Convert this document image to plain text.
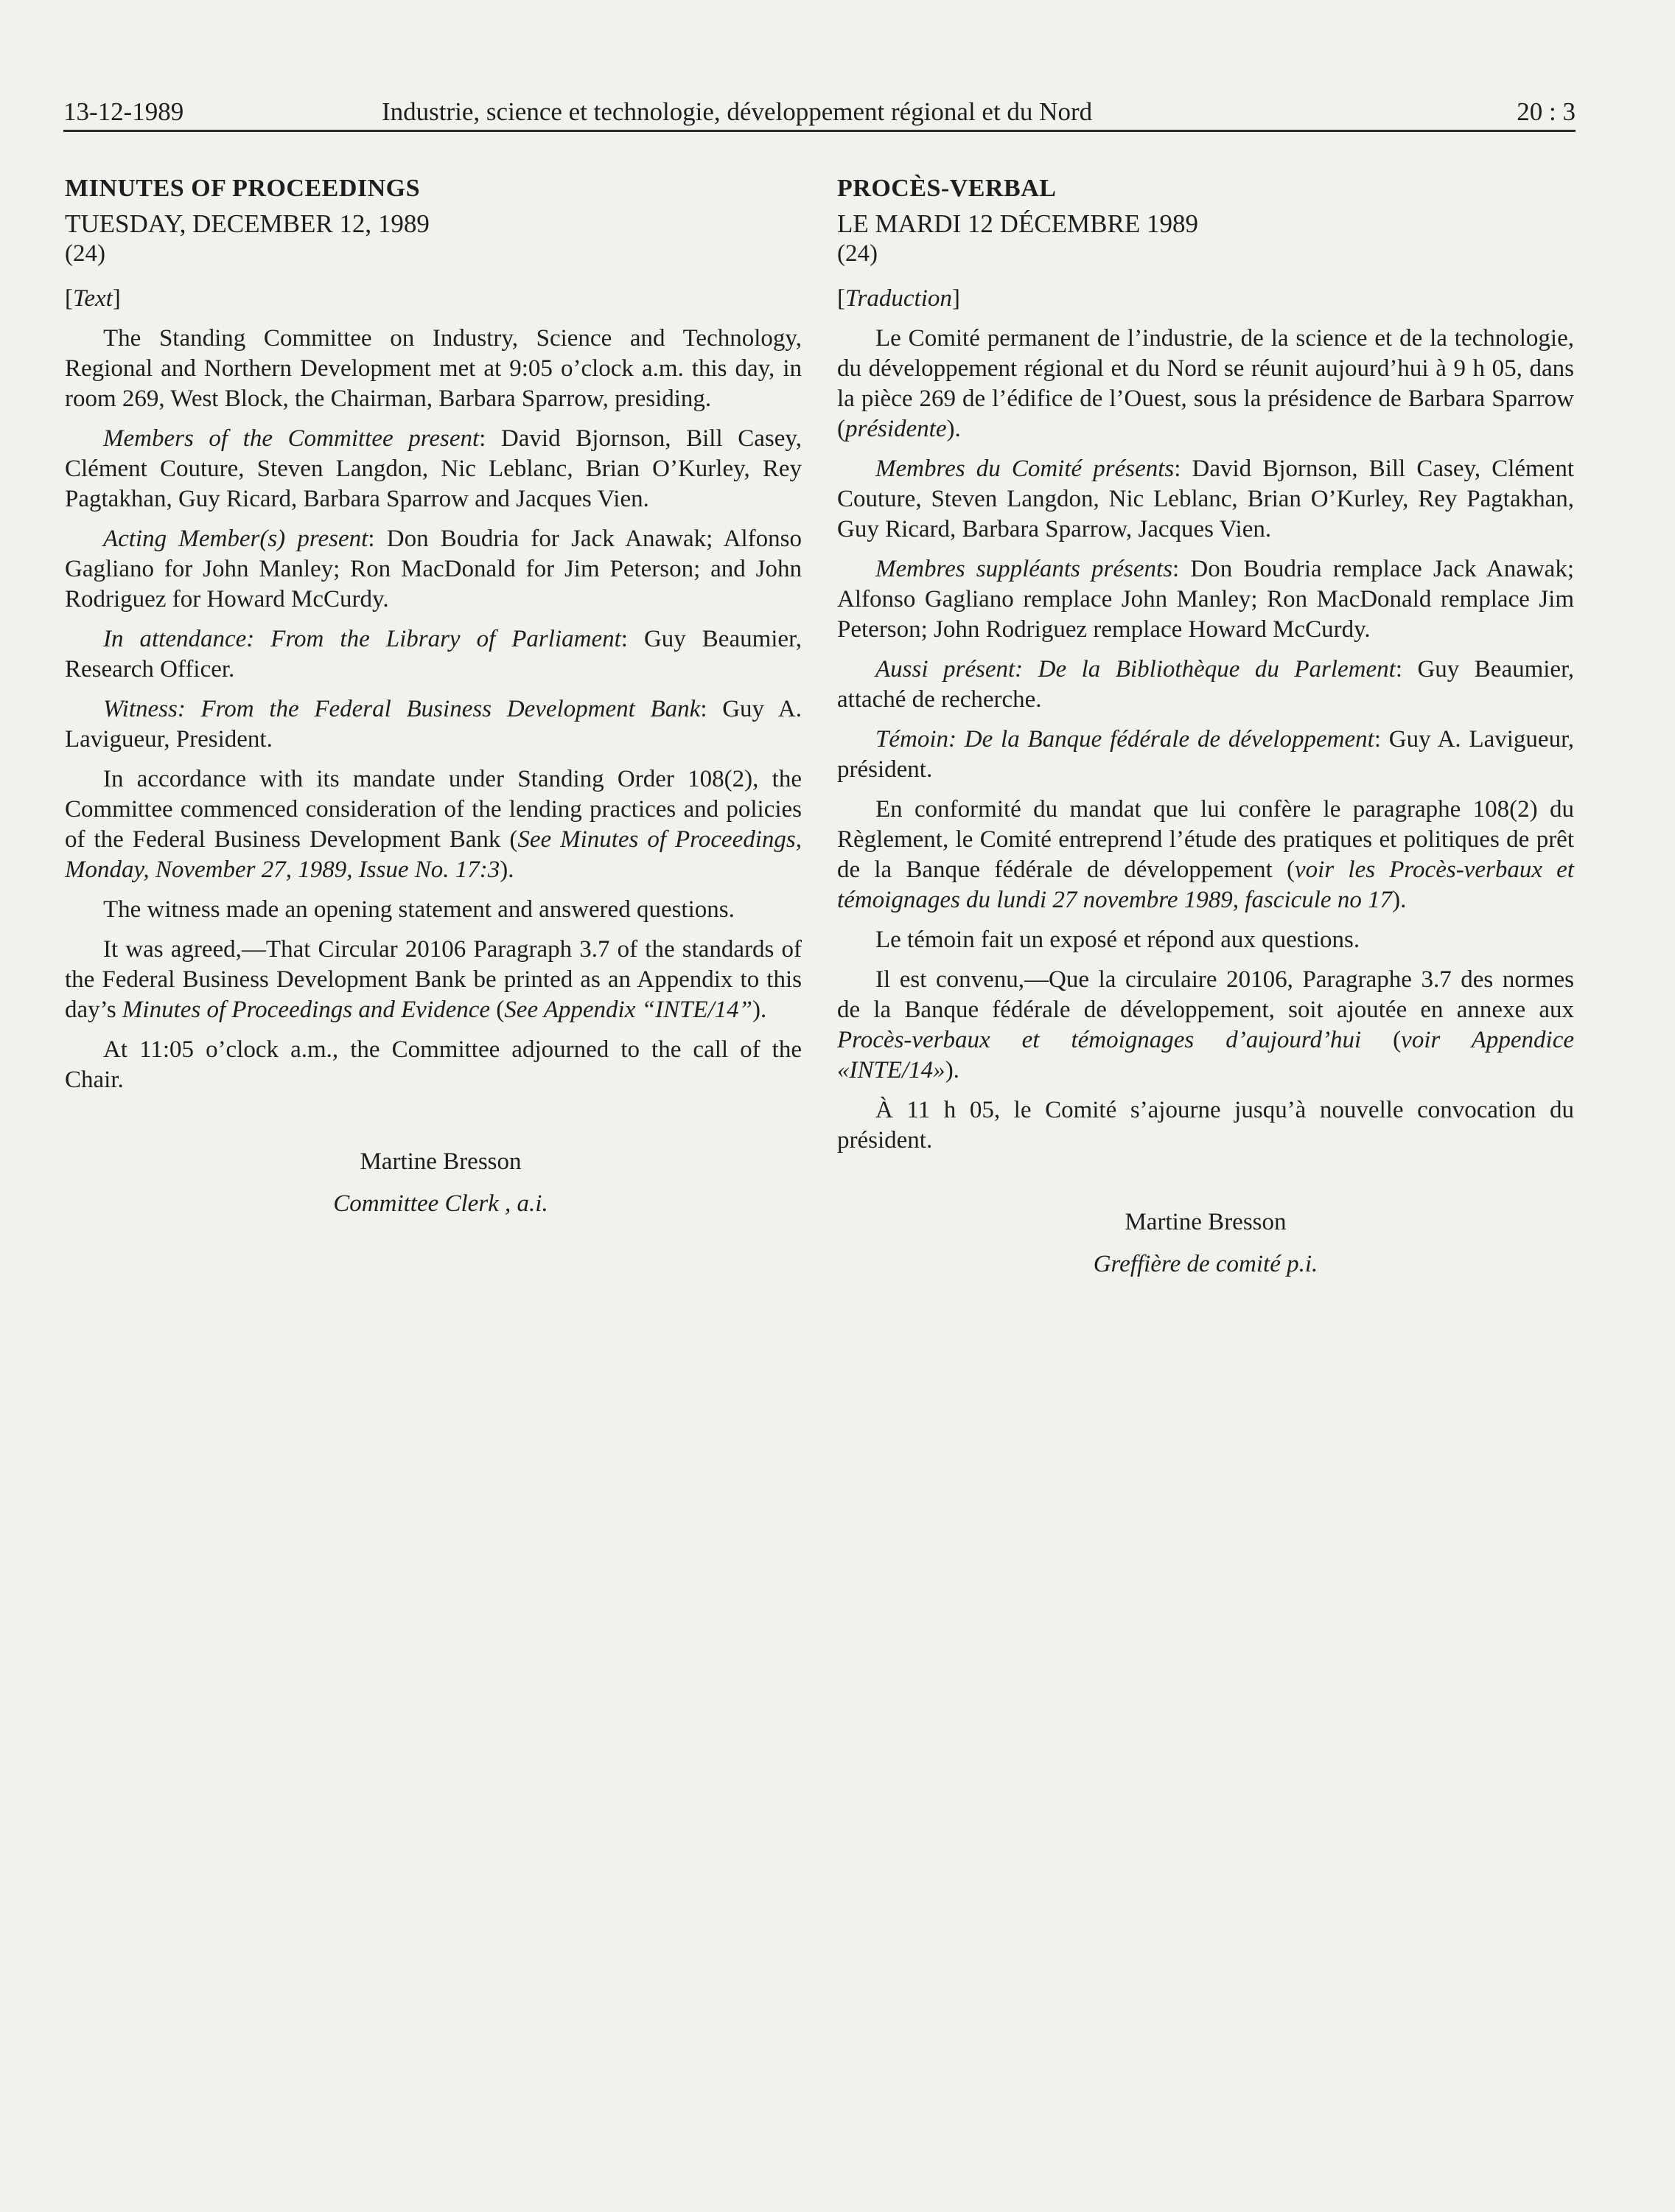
13-12-1989	Industrie, science et technologie, développement régional et du Nord	20 : 3
MINUTES OF PROCEEDINGS
TUESDAY, DECEMBER 12, 1989
(24)
[Text]

The Standing Committee on Industry, Science and Technology, Regional and Northern Development met at 9:05 o’clock a.m. this day, in room 269, West Block, the Chairman, Barbara Sparrow, presiding.

Members of the Committee present: David Bjornson, Bill Casey, Clément Couture, Steven Langdon, Nic Leblanc, Brian O’Kurley, Rey Pagtakhan, Guy Ricard, Barbara Sparrow and Jacques Vien.

Acting Member(s) present: Don Boudria for Jack Anawak; Alfonso Gagliano for John Manley; Ron MacDonald for Jim Peterson; and John Rodriguez for Howard McCurdy.

In attendance: From the Library of Parliament: Guy Beaumier, Research Officer.

Witness: From the Federal Business Development Bank: Guy A. Lavigueur, President.

In accordance with its mandate under Standing Order 108(2), the Committee commenced consideration of the lending practices and policies of the Federal Business Development Bank (See Minutes of Proceedings, Monday, November 27, 1989, Issue No. 17:3).

The witness made an opening statement and answered questions.

It was agreed,—That Circular 20106 Paragraph 3.7 of the standards of the Federal Business Development Bank be printed as an Appendix to this day’s Minutes of Proceedings and Evidence (See Appendix “INTE/14”).

At 11:05 o’clock a.m., the Committee adjourned to the call of the Chair.

Martine Bresson
Committee Clerk , a.i.
PROCÈS-VERBAL
LE MARDI 12 DÉCEMBRE 1989
(24)
[Traduction]

Le Comité permanent de l’industrie, de la science et de la technologie, du développement régional et du Nord se réunit aujourd’hui à 9 h 05, dans la pièce 269 de l’édifice de l’Ouest, sous la présidence de Barbara Sparrow (présidente).

Membres du Comité présents: David Bjornson, Bill Casey, Clément Couture, Steven Langdon, Nic Leblanc, Brian O’Kurley, Rey Pagtakhan, Guy Ricard, Barbara Sparrow, Jacques Vien.

Membres suppléants présents: Don Boudria remplace Jack Anawak; Alfonso Gagliano remplace John Manley; Ron MacDonald remplace Jim Peterson; John Rodriguez remplace Howard McCurdy.

Aussi présent: De la Bibliothèque du Parlement: Guy Beaumier, attaché de recherche.

Témoin: De la Banque fédérale de développement: Guy A. Lavigueur, président.

En conformité du mandat que lui confère le paragraphe 108(2) du Règlement, le Comité entreprend l’étude des pratiques et politiques de prêt de la Banque fédérale de développement (voir les Procès-verbaux et témoignages du lundi 27 novembre 1989, fascicule no 17).

Le témoin fait un exposé et répond aux questions.

Il est convenu,—Que la circulaire 20106, Paragraphe 3.7 des normes de la Banque fédérale de développement, soit ajoutée en annexe aux Procès-verbaux et témoignages d’aujourd’hui (voir Appendice «INTE/14»).

À 11 h 05, le Comité s’ajourne jusqu’à nouvelle convocation du président.

Martine Bresson
Greffière de comité p.i.
